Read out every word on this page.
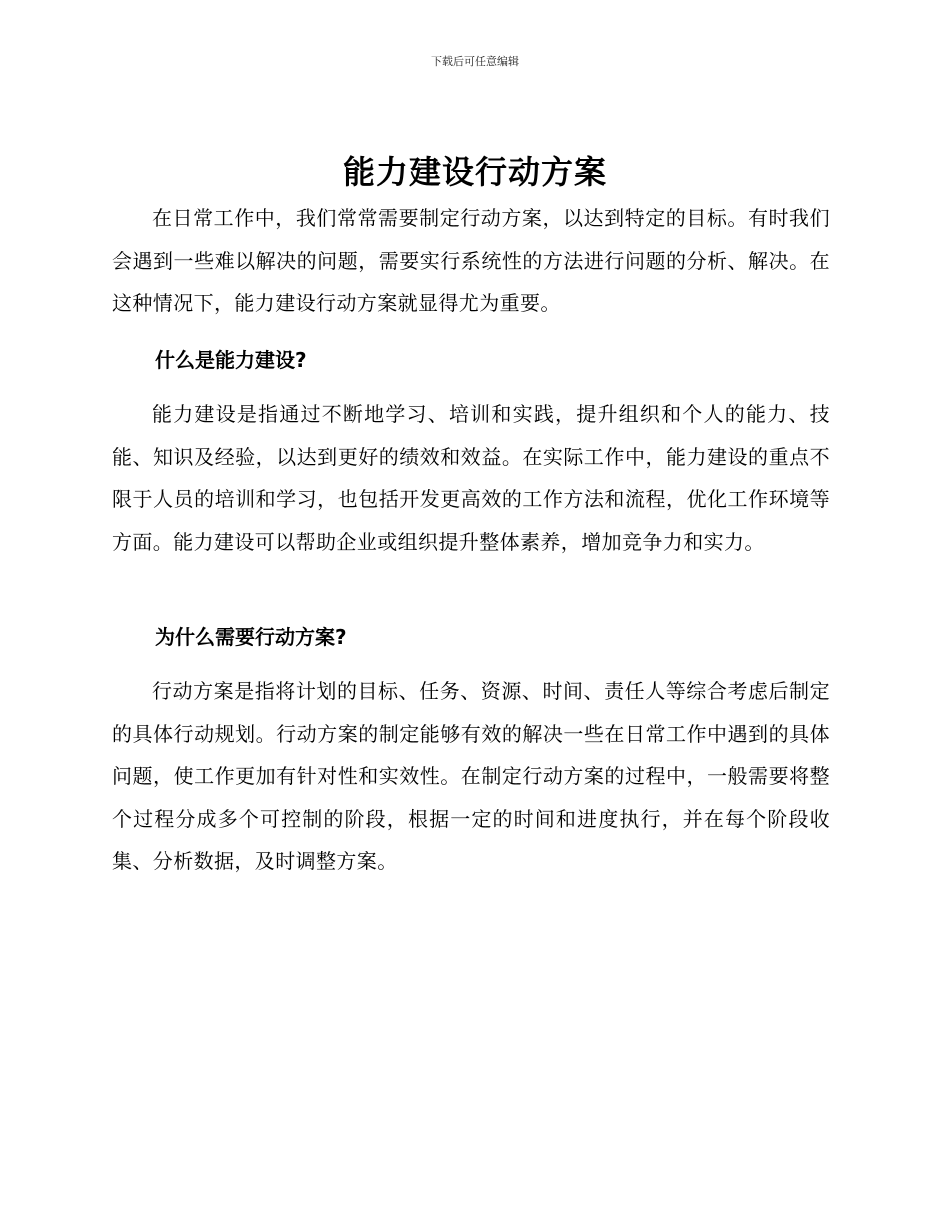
下载后可任意编辑
能力建设行动方案
在日常工作中，我们常常需要制定行动方案，以达到特定的目标。有时我们会遇到一些难以解决的问题，需要实行系统性的方法进行问题的分析、解决。在这种情况下，能力建设行动方案就显得尤为重要。
什么是能力建设?
能力建设是指通过不断地学习、培训和实践，提升组织和个人的能力、技能、知识及经验，以达到更好的绩效和效益。在实际工作中，能力建设的重点不限于人员的培训和学习，也包括开发更高效的工作方法和流程，优化工作环境等方面。能力建设可以帮助企业或组织提升整体素养，增加竞争力和实力。
为什么需要行动方案?
行动方案是指将计划的目标、任务、资源、时间、责任人等综合考虑后制定的具体行动规划。行动方案的制定能够有效的解决一些在日常工作中遇到的具体问题，使工作更加有针对性和实效性。在制定行动方案的过程中，一般需要将整个过程分成多个可控制的阶段，根据一定的时间和进度执行，并在每个阶段收集、分析数据，及时调整方案。
